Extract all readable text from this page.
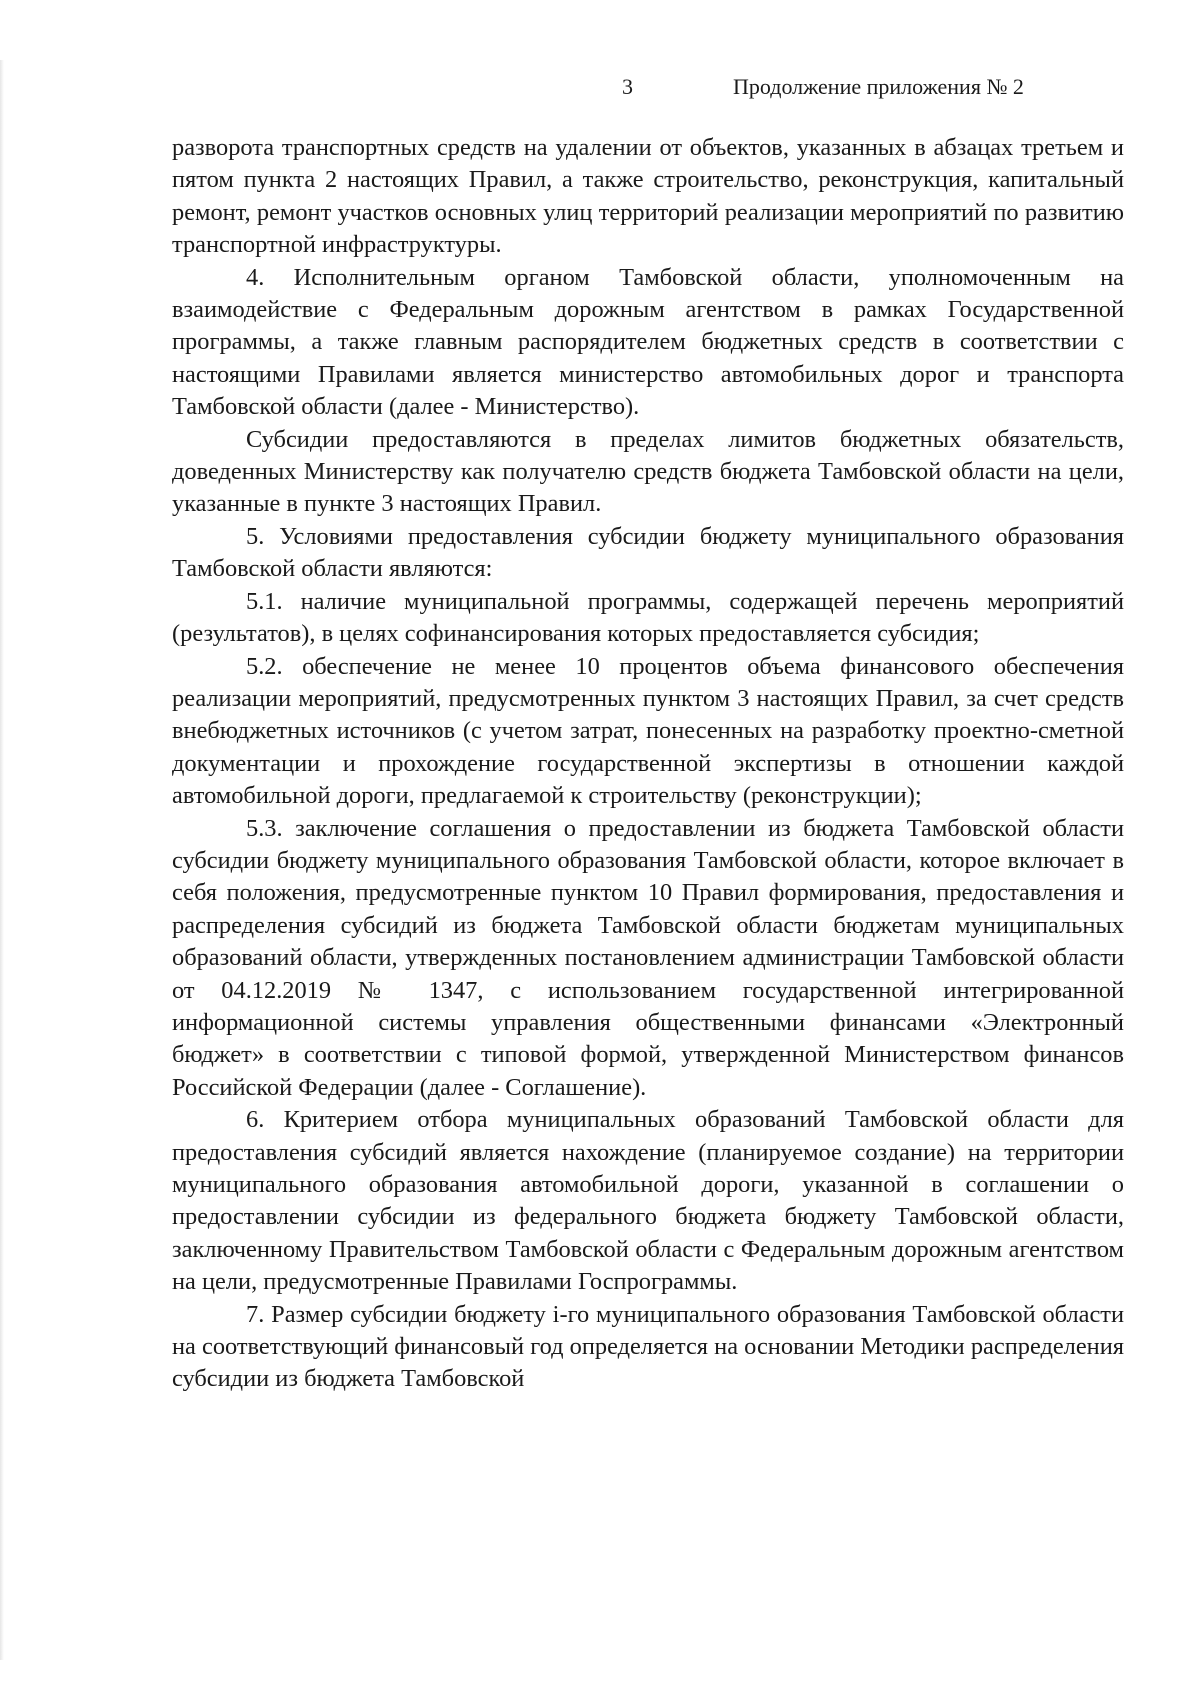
3	Продолжение приложения № 2

разворота транспортных средств на удалении от объектов, указанных в абзацах третьем и пятом пункта 2 настоящих Правил, а также строительство, реконструкция, капитальный ремонт, ремонт участков основных улиц территорий реализации мероприятий по развитию транспортной инфраструктуры.

4. Исполнительным органом Тамбовской области, уполномоченным на взаимодействие с Федеральным дорожным агентством в рамках Государственной программы, а также главным распорядителем бюджетных средств в соответствии с настоящими Правилами является министерство автомобильных дорог и транспорта Тамбовской области (далее - Министерство).

Субсидии предоставляются в пределах лимитов бюджетных обязательств, доведенных Министерству как получателю средств бюджета Тамбовской области на цели, указанные в пункте 3 настоящих Правил.

5. Условиями предоставления субсидии бюджету муниципального образования Тамбовской области являются:

5.1. наличие муниципальной программы, содержащей перечень мероприятий (результатов), в целях софинансирования которых предоставляется субсидия;

5.2. обеспечение не менее 10 процентов объема финансового обеспечения реализации мероприятий, предусмотренных пунктом 3 настоящих Правил, за счет средств внебюджетных источников (с учетом затрат, понесенных на разработку проектно-сметной документации и прохождение государственной экспертизы в отношении каждой автомобильной дороги, предлагаемой к строительству (реконструкции);

5.3. заключение соглашения о предоставлении из бюджета Тамбовской области субсидии бюджету муниципального образования Тамбовской области, которое включает в себя положения, предусмотренные пунктом 10 Правил формирования, предоставления и распределения субсидий из бюджета Тамбовской области бюджетам муниципальных образований области, утвержденных постановлением администрации Тамбовской области от 04.12.2019 № 1347, с использованием государственной интегрированной информационной системы управления общественными финансами «Электронный бюджет» в соответствии с типовой формой, утвержденной Министерством финансов Российской Федерации (далее - Соглашение).

6. Критерием отбора муниципальных образований Тамбовской области для предоставления субсидий является нахождение (планируемое создание) на территории муниципального образования автомобильной дороги, указанной в соглашении о предоставлении субсидии из федерального бюджета бюджету Тамбовской области, заключенному Правительством Тамбовской области с Федеральным дорожным агентством на цели, предусмотренные Правилами Госпрограммы.

7. Размер субсидии бюджету i-го муниципального образования Тамбовской области на соответствующий финансовый год определяется на основании Методики распределения субсидии из бюджета Тамбовской
